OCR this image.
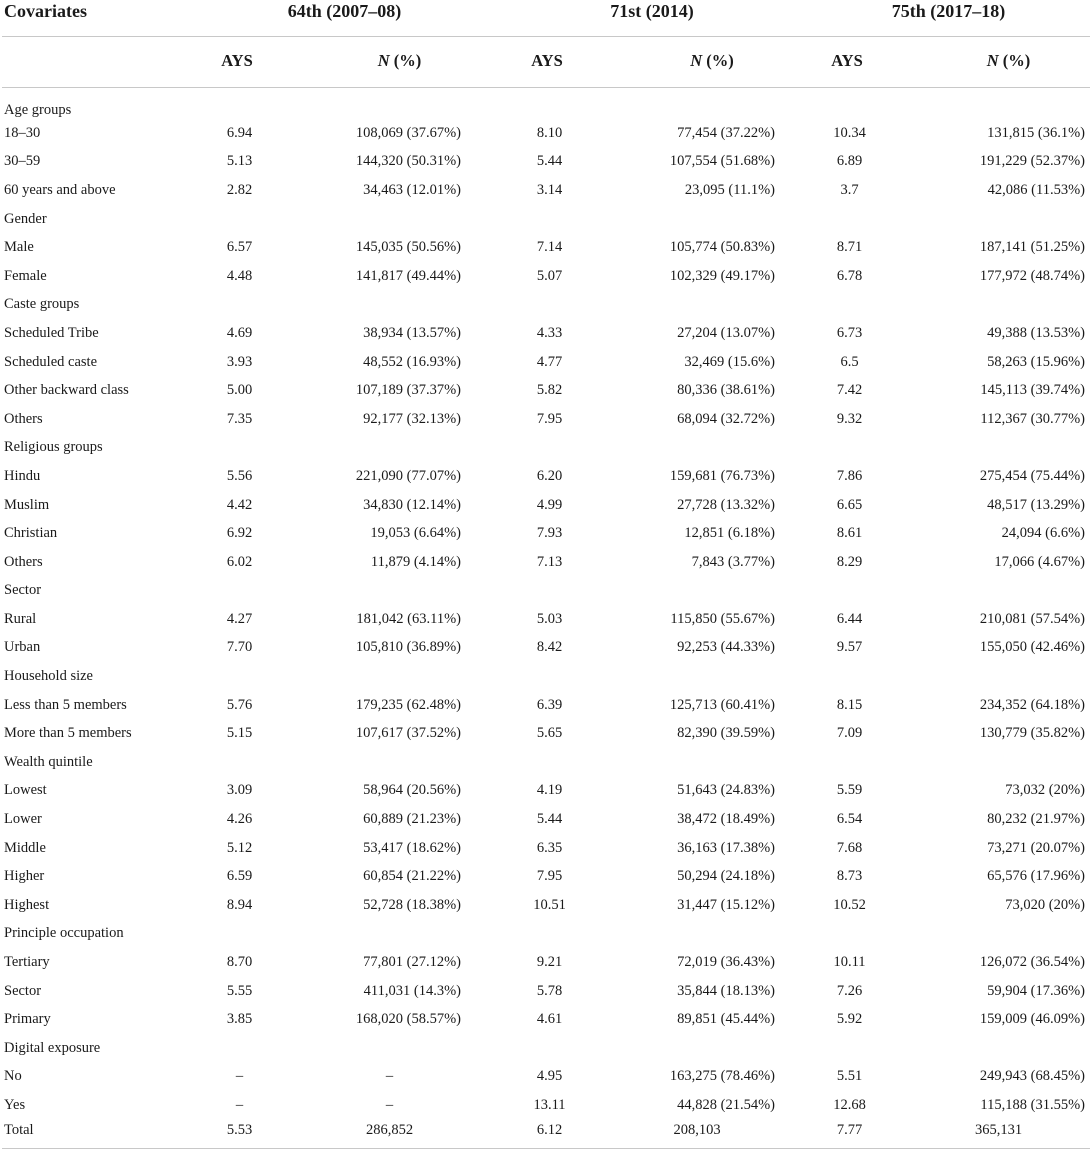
Covariates	64th (2007–08)		71st (2014)		75th (2017–18)	
	AYS	N (%)	AYS	N (%)	AYS	N (%)
Age groups						
18–30	6.94	108,069 (37.67%)	8.10	77,454 (37.22%)	10.34	131,815 (36.1%)
30–59	5.13	144,320 (50.31%)	5.44	107,554 (51.68%)	6.89	191,229 (52.37%)
60 years and above	2.82	34,463 (12.01%)	3.14	23,095 (11.1%)	3.7	42,086 (11.53%)
Gender						
Male	6.57	145,035 (50.56%)	7.14	105,774 (50.83%)	8.71	187,141 (51.25%)
Female	4.48	141,817 (49.44%)	5.07	102,329 (49.17%)	6.78	177,972 (48.74%)
Caste groups						
Scheduled Tribe	4.69	38,934 (13.57%)	4.33	27,204 (13.07%)	6.73	49,388 (13.53%)
Scheduled caste	3.93	48,552 (16.93%)	4.77	32,469 (15.6%)	6.5	58,263 (15.96%)
Other backward class	5.00	107,189 (37.37%)	5.82	80,336 (38.61%)	7.42	145,113 (39.74%)
Others	7.35	92,177 (32.13%)	7.95	68,094 (32.72%)	9.32	112,367 (30.77%)
Religious groups						
Hindu	5.56	221,090 (77.07%)	6.20	159,681 (76.73%)	7.86	275,454 (75.44%)
Muslim	4.42	34,830 (12.14%)	4.99	27,728 (13.32%)	6.65	48,517 (13.29%)
Christian	6.92	19,053 (6.64%)	7.93	12,851 (6.18%)	8.61	24,094 (6.6%)
Others	6.02	11,879 (4.14%)	7.13	7,843 (3.77%)	8.29	17,066 (4.67%)
Sector						
Rural	4.27	181,042 (63.11%)	5.03	115,850 (55.67%)	6.44	210,081 (57.54%)
Urban	7.70	105,810 (36.89%)	8.42	92,253 (44.33%)	9.57	155,050 (42.46%)
Household size						
Less than 5 members	5.76	179,235 (62.48%)	6.39	125,713 (60.41%)	8.15	234,352 (64.18%)
More than 5 members	5.15	107,617 (37.52%)	5.65	82,390 (39.59%)	7.09	130,779 (35.82%)
Wealth quintile						
Lowest	3.09	58,964 (20.56%)	4.19	51,643 (24.83%)	5.59	73,032 (20%)
Lower	4.26	60,889 (21.23%)	5.44	38,472 (18.49%)	6.54	80,232 (21.97%)
Middle	5.12	53,417 (18.62%)	6.35	36,163 (17.38%)	7.68	73,271 (20.07%)
Higher	6.59	60,854 (21.22%)	7.95	50,294 (24.18%)	8.73	65,576 (17.96%)
Highest	8.94	52,728 (18.38%)	10.51	31,447 (15.12%)	10.52	73,020 (20%)
Principle occupation						
Tertiary	8.70	77,801 (27.12%)	9.21	72,019 (36.43%)	10.11	126,072 (36.54%)
Sector	5.55	411,031 (14.3%)	5.78	35,844 (18.13%)	7.26	59,904 (17.36%)
Primary	3.85	168,020 (58.57%)	4.61	89,851 (45.44%)	5.92	159,009 (46.09%)
Digital exposure						
No	–	–	4.95	163,275 (78.46%)	5.51	249,943 (68.45%)
Yes	–	–	13.11	44,828 (21.54%)	12.68	115,188 (31.55%)
Total	5.53	286,852	6.12	208,103	7.77	365,131
